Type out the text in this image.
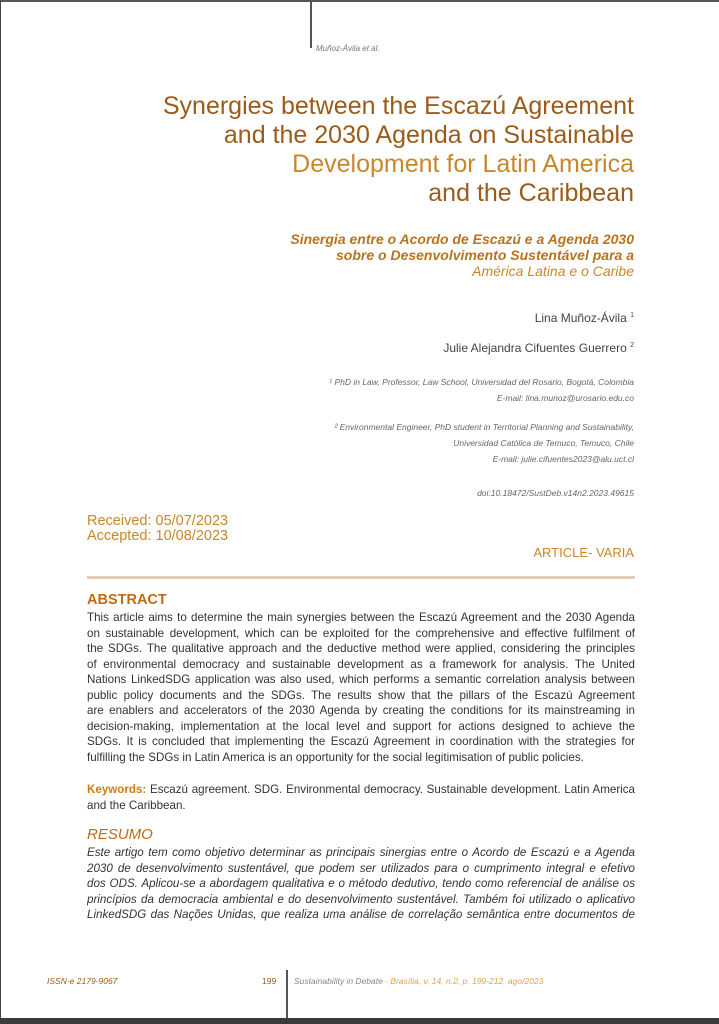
Muñoz-Ávila et al.
Synergies between the Escazú Agreement
and the 2030 Agenda on Sustainable
Development for Latin America
and the Caribbean
Sinergia entre o Acordo de Escazú e a Agenda 2030
sobre o Desenvolvimento Sustentável para a
América Latina e o Caribe
Lina Muñoz-Ávila $^1$
Julie Alejandra Cifuentes Guerrero $^2$
¹ PhD in Law, Professor, Law School, Universidad del Rosario, Bogotá, Colombia
E-mail: lina.munoz@urosario.edu.co
² Environmental Engineer, PhD student in Territorial Planning and Sustainability,
Universidad Católica de Temuco, Temuco, Chile
E-mail: julie.cifuentes2023@alu.uct.cl
doi:10.18472/SustDeb.v14n2.2023.49615
Received: 05/07/2023
Accepted: 10/08/2023
ARTICLE- VARIA
ABSTRACT
This article aims to determine the main synergies between the Escazú Agreement and the 2030 Agenda
on sustainable development, which can be exploited for the comprehensive and effective fulfilment of
the SDGs. The qualitative approach and the deductive method were applied, considering the principles
of environmental democracy and sustainable development as a framework for analysis. The United
Nations LinkedSDG application was also used, which performs a semantic correlation analysis between
public policy documents and the SDGs. The results show that the pillars of the Escazú Agreement
are enablers and accelerators of the 2030 Agenda by creating the conditions for its mainstreaming in
decision-making, implementation at the local level and support for actions designed to achieve the
SDGs. It is concluded that implementing the Escazú Agreement in coordination with the strategies for
fulfilling the SDGs in Latin America is an opportunity for the social legitimisation of public policies.
Keywords: Escazú agreement. SDG. Environmental democracy. Sustainable development. Latin America
and the Caribbean.
RESUMO
Este artigo tem como objetivo determinar as principais sinergias entre o Acordo de Escazú e a Agenda
2030 de desenvolvimento sustentável, que podem ser utilizados para o cumprimento integral e efetivo
dos ODS. Aplicou-se a abordagem qualitativa e o método dedutivo, tendo como referencial de análise os
princípios da democracia ambiental e do desenvolvimento sustentável. Também foi utilizado o aplicativo
LinkedSDG das Nações Unidas, que realiza uma análise de correlação semântica entre documentos de
ISSN-e 2179-9067	199 Sustainability in Debate - Brasília, v. 14, n.2, p. 199-212, ago/2023
